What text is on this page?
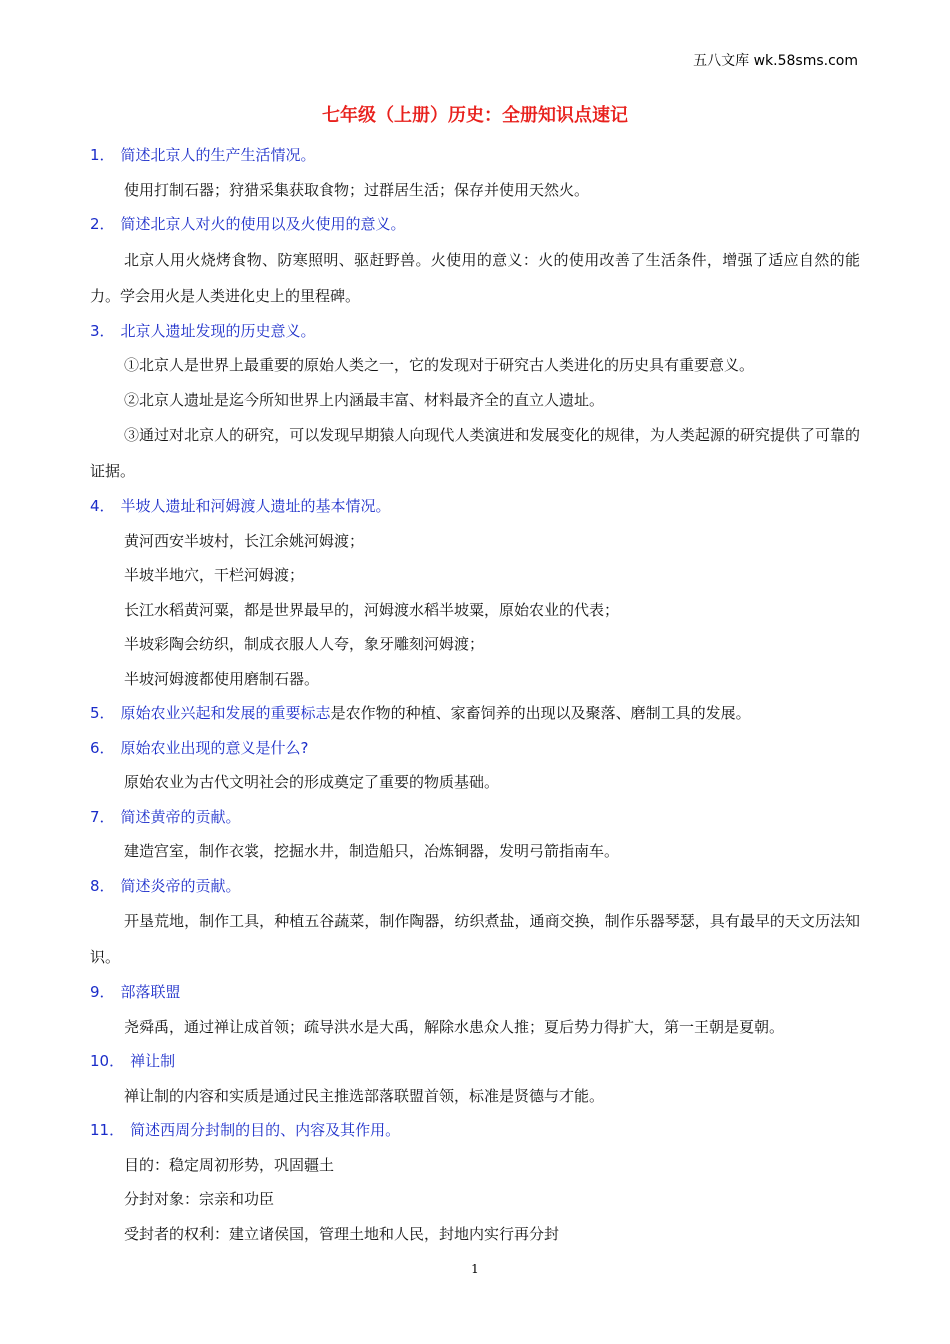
五八文库 wk.58sms.com
七年级（上册）历史：全册知识点速记
1． 简述北京人的生产生活情况。
使用打制石器；狩猎采集获取食物；过群居生活；保存并使用天然火。
2． 简述北京人对火的使用以及火使用的意义。
北京人用火烧烤食物、防寒照明、驱赶野兽。火使用的意义：火的使用改善了生活条件，增强了适应自然的能力。学会用火是人类进化史上的里程碑。
3． 北京人遗址发现的历史意义。
①北京人是世界上最重要的原始人类之一，它的发现对于研究古人类进化的历史具有重要意义。
②北京人遗址是迄今所知世界上内涵最丰富、材料最齐全的直立人遗址。
③通过对北京人的研究，可以发现早期猿人向现代人类演进和发展变化的规律，为人类起源的研究提供了可靠的证据。
4． 半坡人遗址和河姆渡人遗址的基本情况。
黄河西安半坡村，长江余姚河姆渡；
半坡半地穴，干栏河姆渡；
长江水稻黄河粟，都是世界最早的，河姆渡水稻半坡粟，原始农业的代表；
半坡彩陶会纺织，制成衣服人人夸，象牙雕刻河姆渡；
半坡河姆渡都使用磨制石器。
5． 原始农业兴起和发展的重要标志是农作物的种植、家畜饲养的出现以及聚落、磨制工具的发展。
6． 原始农业出现的意义是什么?
原始农业为古代文明社会的形成奠定了重要的物质基础。
7． 简述黄帝的贡献。
建造宫室，制作衣裳，挖掘水井，制造船只，冶炼铜器，发明弓箭指南车。
8． 简述炎帝的贡献。
开垦荒地，制作工具，种植五谷蔬菜，制作陶器，纺织煮盐，通商交换，制作乐器琴瑟，具有最早的天文历法知识。
9． 部落联盟
尧舜禹，通过禅让成首领；疏导洪水是大禹，解除水患众人推；夏后势力得扩大，第一王朝是夏朝。
10． 禅让制
禅让制的内容和实质是通过民主推选部落联盟首领，标准是贤德与才能。
11． 简述西周分封制的目的、内容及其作用。
目的：稳定周初形势，巩固疆土
分封对象：宗亲和功臣
受封者的权利：建立诸侯国，管理土地和人民，封地内实行再分封
1
